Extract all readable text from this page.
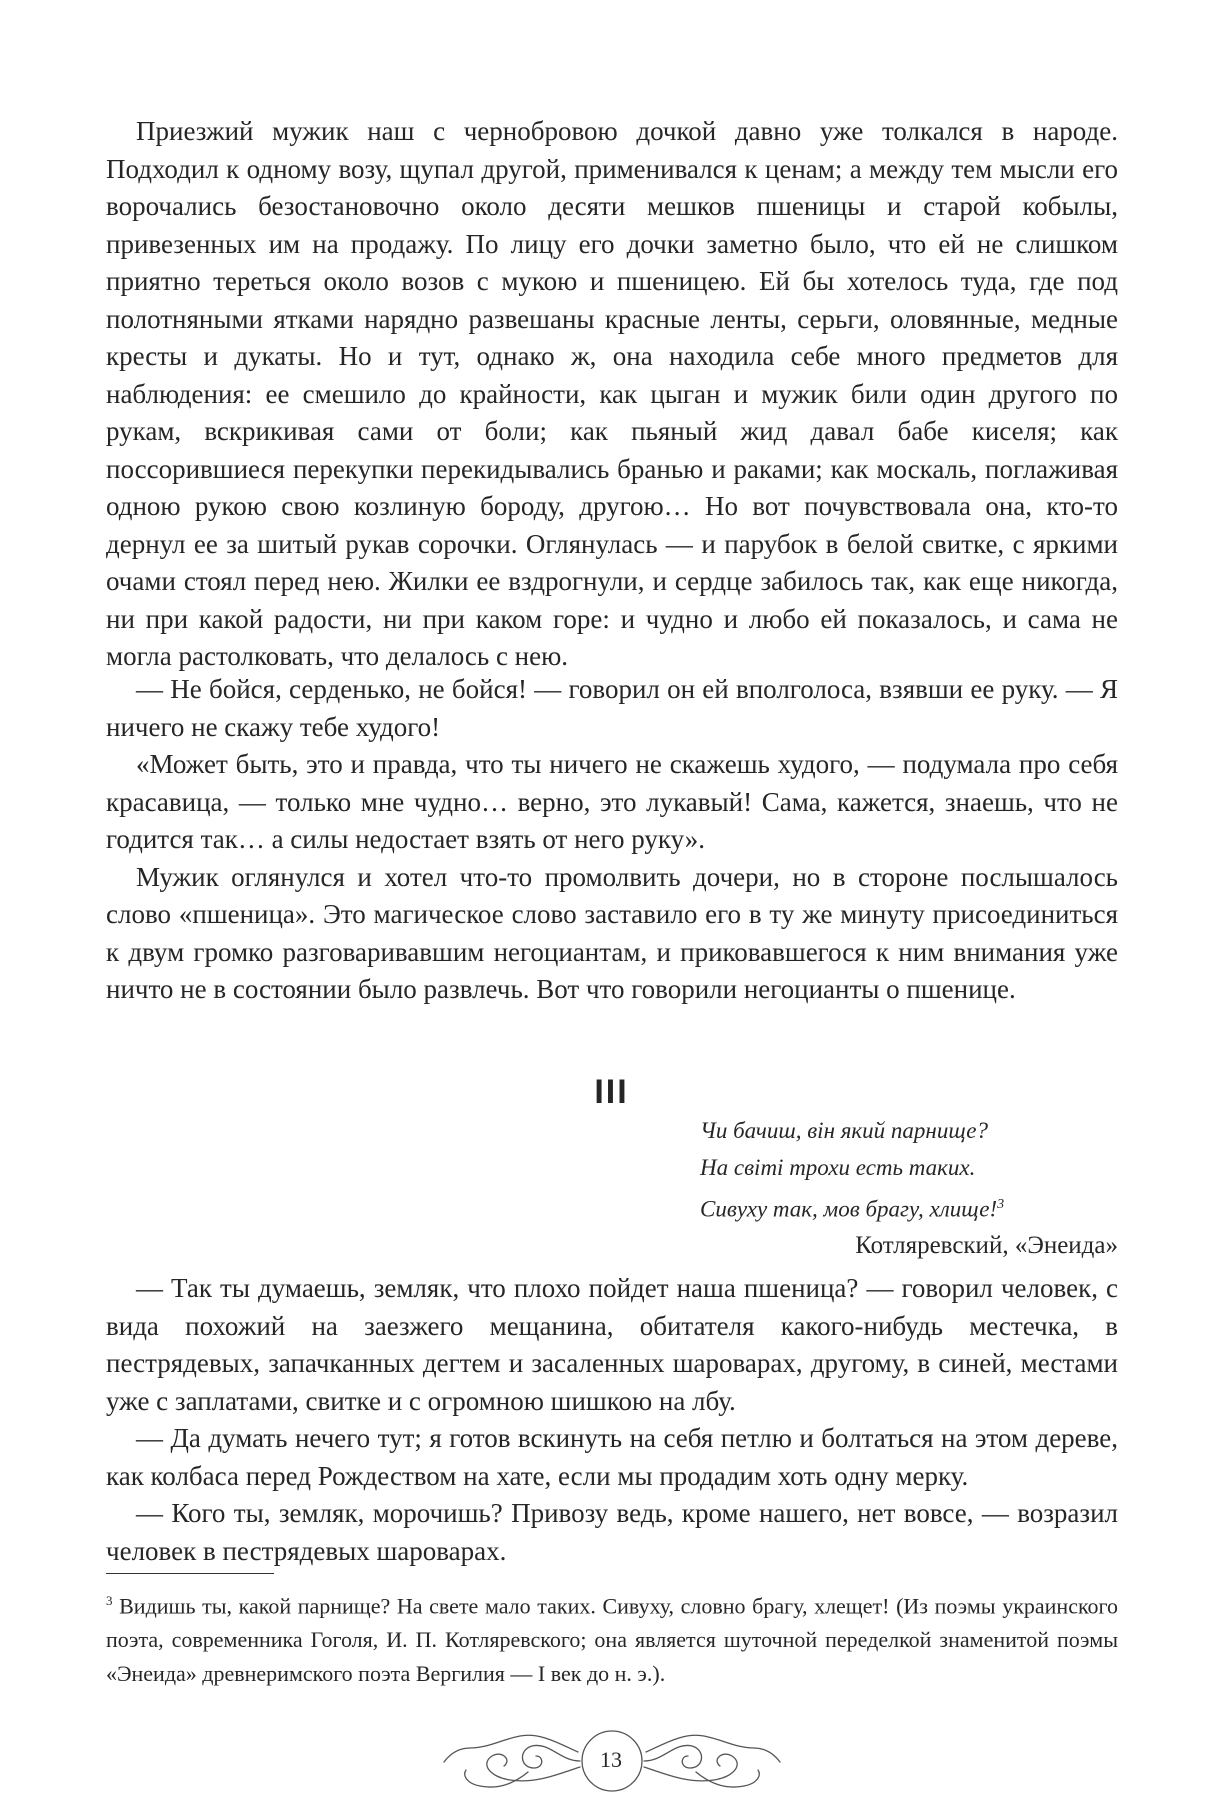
Приезжий мужик наш с чернобровою дочкой давно уже толкался в народе. Подходил к одному возу, щупал другой, применивался к ценам; а между тем мысли его ворочались безостановочно около десяти мешков пшеницы и старой кобылы, привезенных им на продажу. По лицу его дочки заметно было, что ей не слишком приятно тереться около возов с мукою и пшеницею. Ей бы хотелось туда, где под полотняными ятками нарядно развешаны красные ленты, серьги, оловянные, медные кресты и дукаты. Но и тут, однако ж, она находила себе много предметов для наблюдения: ее смешило до крайности, как цыган и мужик били один другого по рукам, вскрикивая сами от боли; как пьяный жид давал бабе киселя; как поссорившиеся перекупки перекидывались бранью и раками; как москаль, поглаживая одною рукою свою козлиную бороду, другою… Но вот почувствовала она, кто-то дернул ее за шитый рукав сорочки. Оглянулась — и парубок в белой свитке, с яркими очами стоял перед нею. Жилки ее вздрогнули, и сердце забилось так, как еще никогда, ни при какой радости, ни при каком горе: и чудно и любо ей показалось, и сама не могла растолковать, что делалось с нею.

— Не бойся, серденько, не бойся! — говорил он ей вполголоса, взявши ее руку. — Я ничего не скажу тебе худого!

«Может быть, это и правда, что ты ничего не скажешь худого, — подумала про себя красавица, — только мне чудно… верно, это лукавый! Сама, кажется, знаешь, что не годится так… а силы недостает взять от него руку».

Мужик оглянулся и хотел что-то промолвить дочери, но в стороне послышалось слово «пшеница». Это магическое слово заставило его в ту же минуту присоединиться к двум громко разговаривавшим негоциантам, и приковавшегося к ним внимания уже ничто не в состоянии было развлечь. Вот что говорили негоцианты о пшенице.

III

Чи бачиш, він який парнище?

На світі трохи есть таких.

Сивуху так, мов брагу, хлище!$^3$

Котляревский, «Энеида»

— Так ты думаешь, земляк, что плохо пойдет наша пшеница? — говорил человек, с вида похожий на заезжего мещанина, обитателя какого-нибудь местечка, в пестрядевых, запачканных дегтем и засаленных шароварах, другому, в синей, местами уже с заплатами, свитке и с огромною шишкою на лбу.

— Да думать нечего тут; я готов вскинуть на себя петлю и болтаться на этом дереве, как колбаса перед Рождеством на хате, если мы продадим хоть одну мерку.

— Кого ты, земляк, морочишь? Привозу ведь, кроме нашего, нет вовсе, — возразил человек в пестрядевых шароварах.

$^3$ Видишь ты, какой парнище? На свете мало таких. Сивуху, словно брагу, хлещет! (Из поэмы украинского поэта, современника Гоголя, И. П. Котляревского; она является шуточной переделкой знаменитой поэмы «Энеида» древнеримского поэта Вергилия — I век до н. э.).

13
